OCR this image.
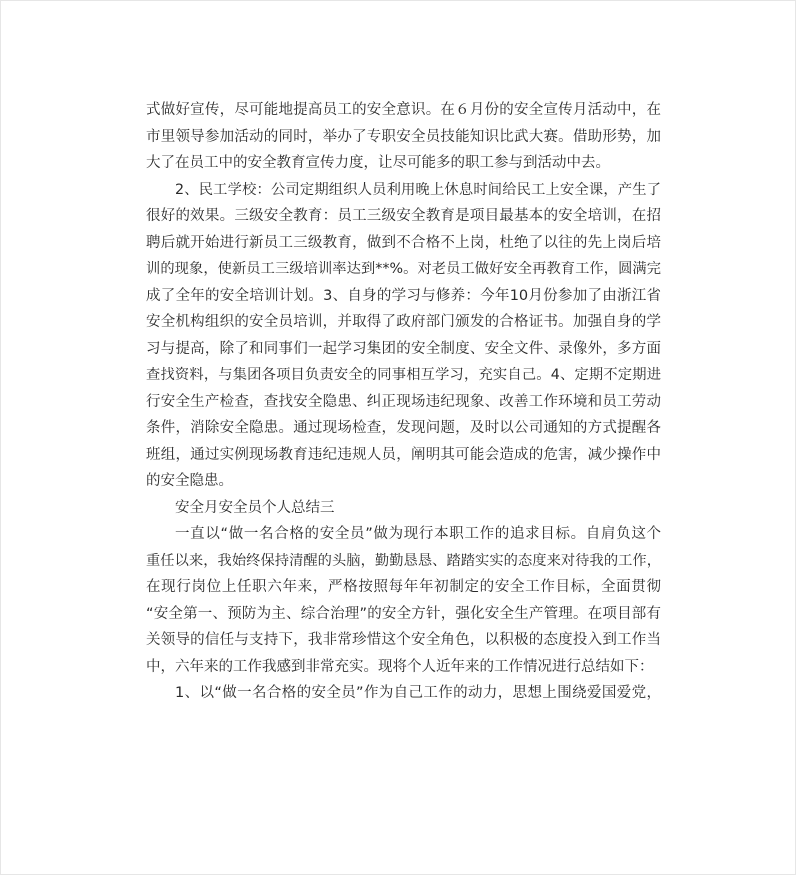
式做好宣传，尽可能地提高员工的安全意识。在６月份的安全宣传月活动中，在
市里领导参加活动的同时，举办了专职安全员技能知识比武大赛。借助形势，加
大了在员工中的安全教育宣传力度，让尽可能多的职工参与到活动中去。
2、民工学校：公司定期组织人员利用晚上休息时间给民工上安全课，产生了
很好的效果。三级安全教育：员工三级安全教育是项目最基本的安全培训，在招
聘后就开始进行新员工三级教育，做到不合格不上岗，杜绝了以往的先上岗后培
训的现象，使新员工三级培训率达到**%。对老员工做好安全再教育工作，圆满完
成了全年的安全培训计划。3、自身的学习与修养：今年10月份参加了由浙江省
安全机构组织的安全员培训，并取得了政府部门颁发的合格证书。加强自身的学
习与提高，除了和同事们一起学习集团的安全制度、安全文件、录像外，多方面
查找资料，与集团各项目负责安全的同事相互学习，充实自己。4、定期不定期进
行安全生产检查，查找安全隐患、纠正现场违纪现象、改善工作环境和员工劳动
条件，消除安全隐患。通过现场检查，发现问题，及时以公司通知的方式提醒各
班组，通过实例现场教育违纪违规人员，阐明其可能会造成的危害，减少操作中
的安全隐患。
安全月安全员个人总结三
一直以“做一名合格的安全员”做为现行本职工作的追求目标。自肩负这个
重任以来，我始终保持清醒的头脑，勤勤恳恳、踏踏实实的态度来对待我的工作，
在现行岗位上任职六年来，严格按照每年年初制定的安全工作目标，全面贯彻
“安全第一、预防为主、综合治理”的安全方针，强化安全生产管理。在项目部有
关领导的信任与支持下，我非常珍惜这个安全角色，以积极的态度投入到工作当
中，六年来的工作我感到非常充实。现将个人近年来的工作情况进行总结如下：
1、以“做一名合格的安全员”作为自己工作的动力，思想上围绕爱国爱党，
